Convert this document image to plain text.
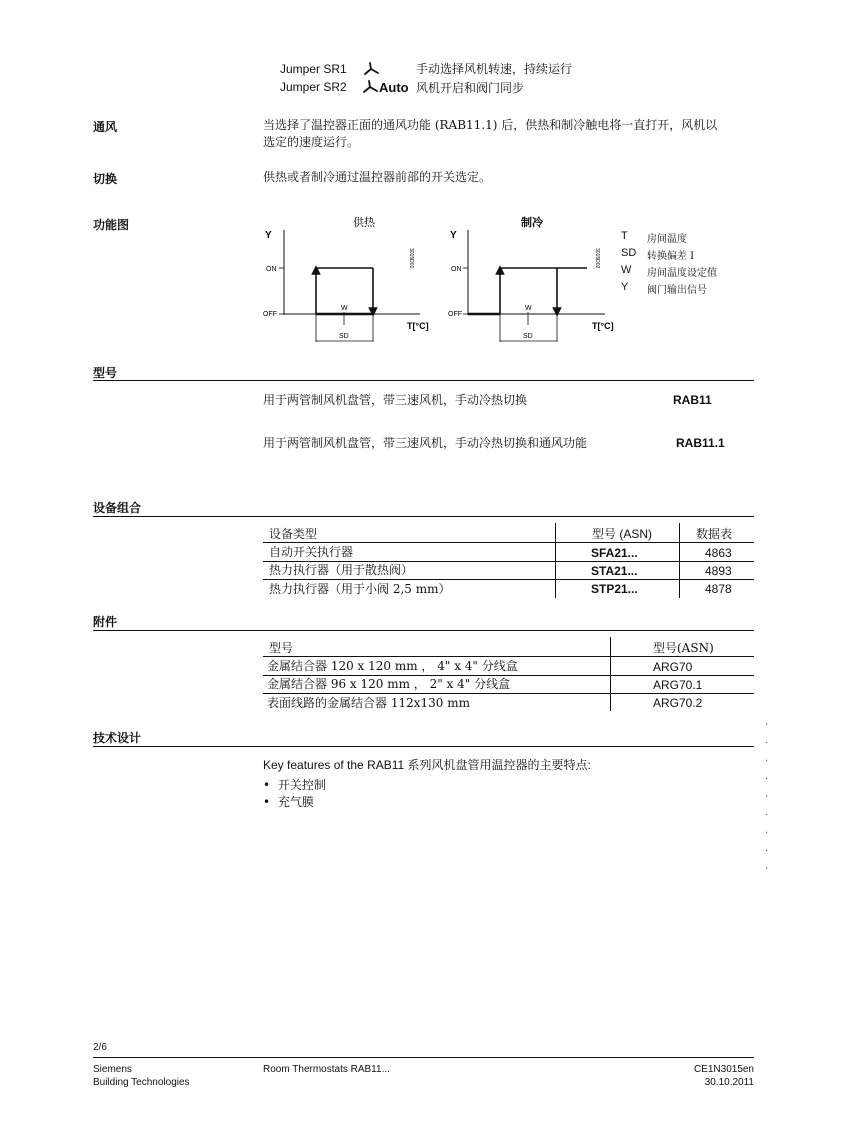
Jumper SR1	手动选择风机转速，持续运行
Jumper SR2 Auto 风机开启和阀门同步
通风	当选择了温控器正面的通风功能 (RAB11.1) 后，供热和制冷触电将一直打开，风机以
选定的速度运行。
切换	供热或者制冷通过温控器前部的开关选定。
功能图	供热
Y
3015D01
ON
OFF
W
SD
T[°C]
制冷
Y
3015D02
ON
OFF
W
SD
T[°C]
T 房间温度
SD 转换偏差 I
W 房间温度设定值
Y 阀门输出信号
型号
用于两管制风机盘管，带三速风机，手动冷热切换	RAB11
用于两管制风机盘管，带三速风机，手动冷热切换和通风功能	RAB11.1
设备组合
设备类型	型号 (ASN)	数据表
自动开关执行器	SFA21...	4863
热力执行器（用于散热阀）	STA21...	4893
热力执行器（用于小阀 2,5 mm）	STP21...	4878
附件
型号	型号(ASN)
金属结合器 120 x 120 mm ， 4" x 4" 分线盒	ARG70
金属结合器 96 x 120 mm ， 2" x 4" 分线盒	ARG70.1
表面线路的金属结合器 112x130 mm	ARG70.2
技术设计
Key features of the RAB11 系列风机盘管用温控器的主要特点:
• 开关控制
• 充气膜
.
.
.
.
.
.
.
.
.
2/6
Siemens
Building Technologies
Room Thermostats RAB11...	CE1N3015en
30.10.2011
